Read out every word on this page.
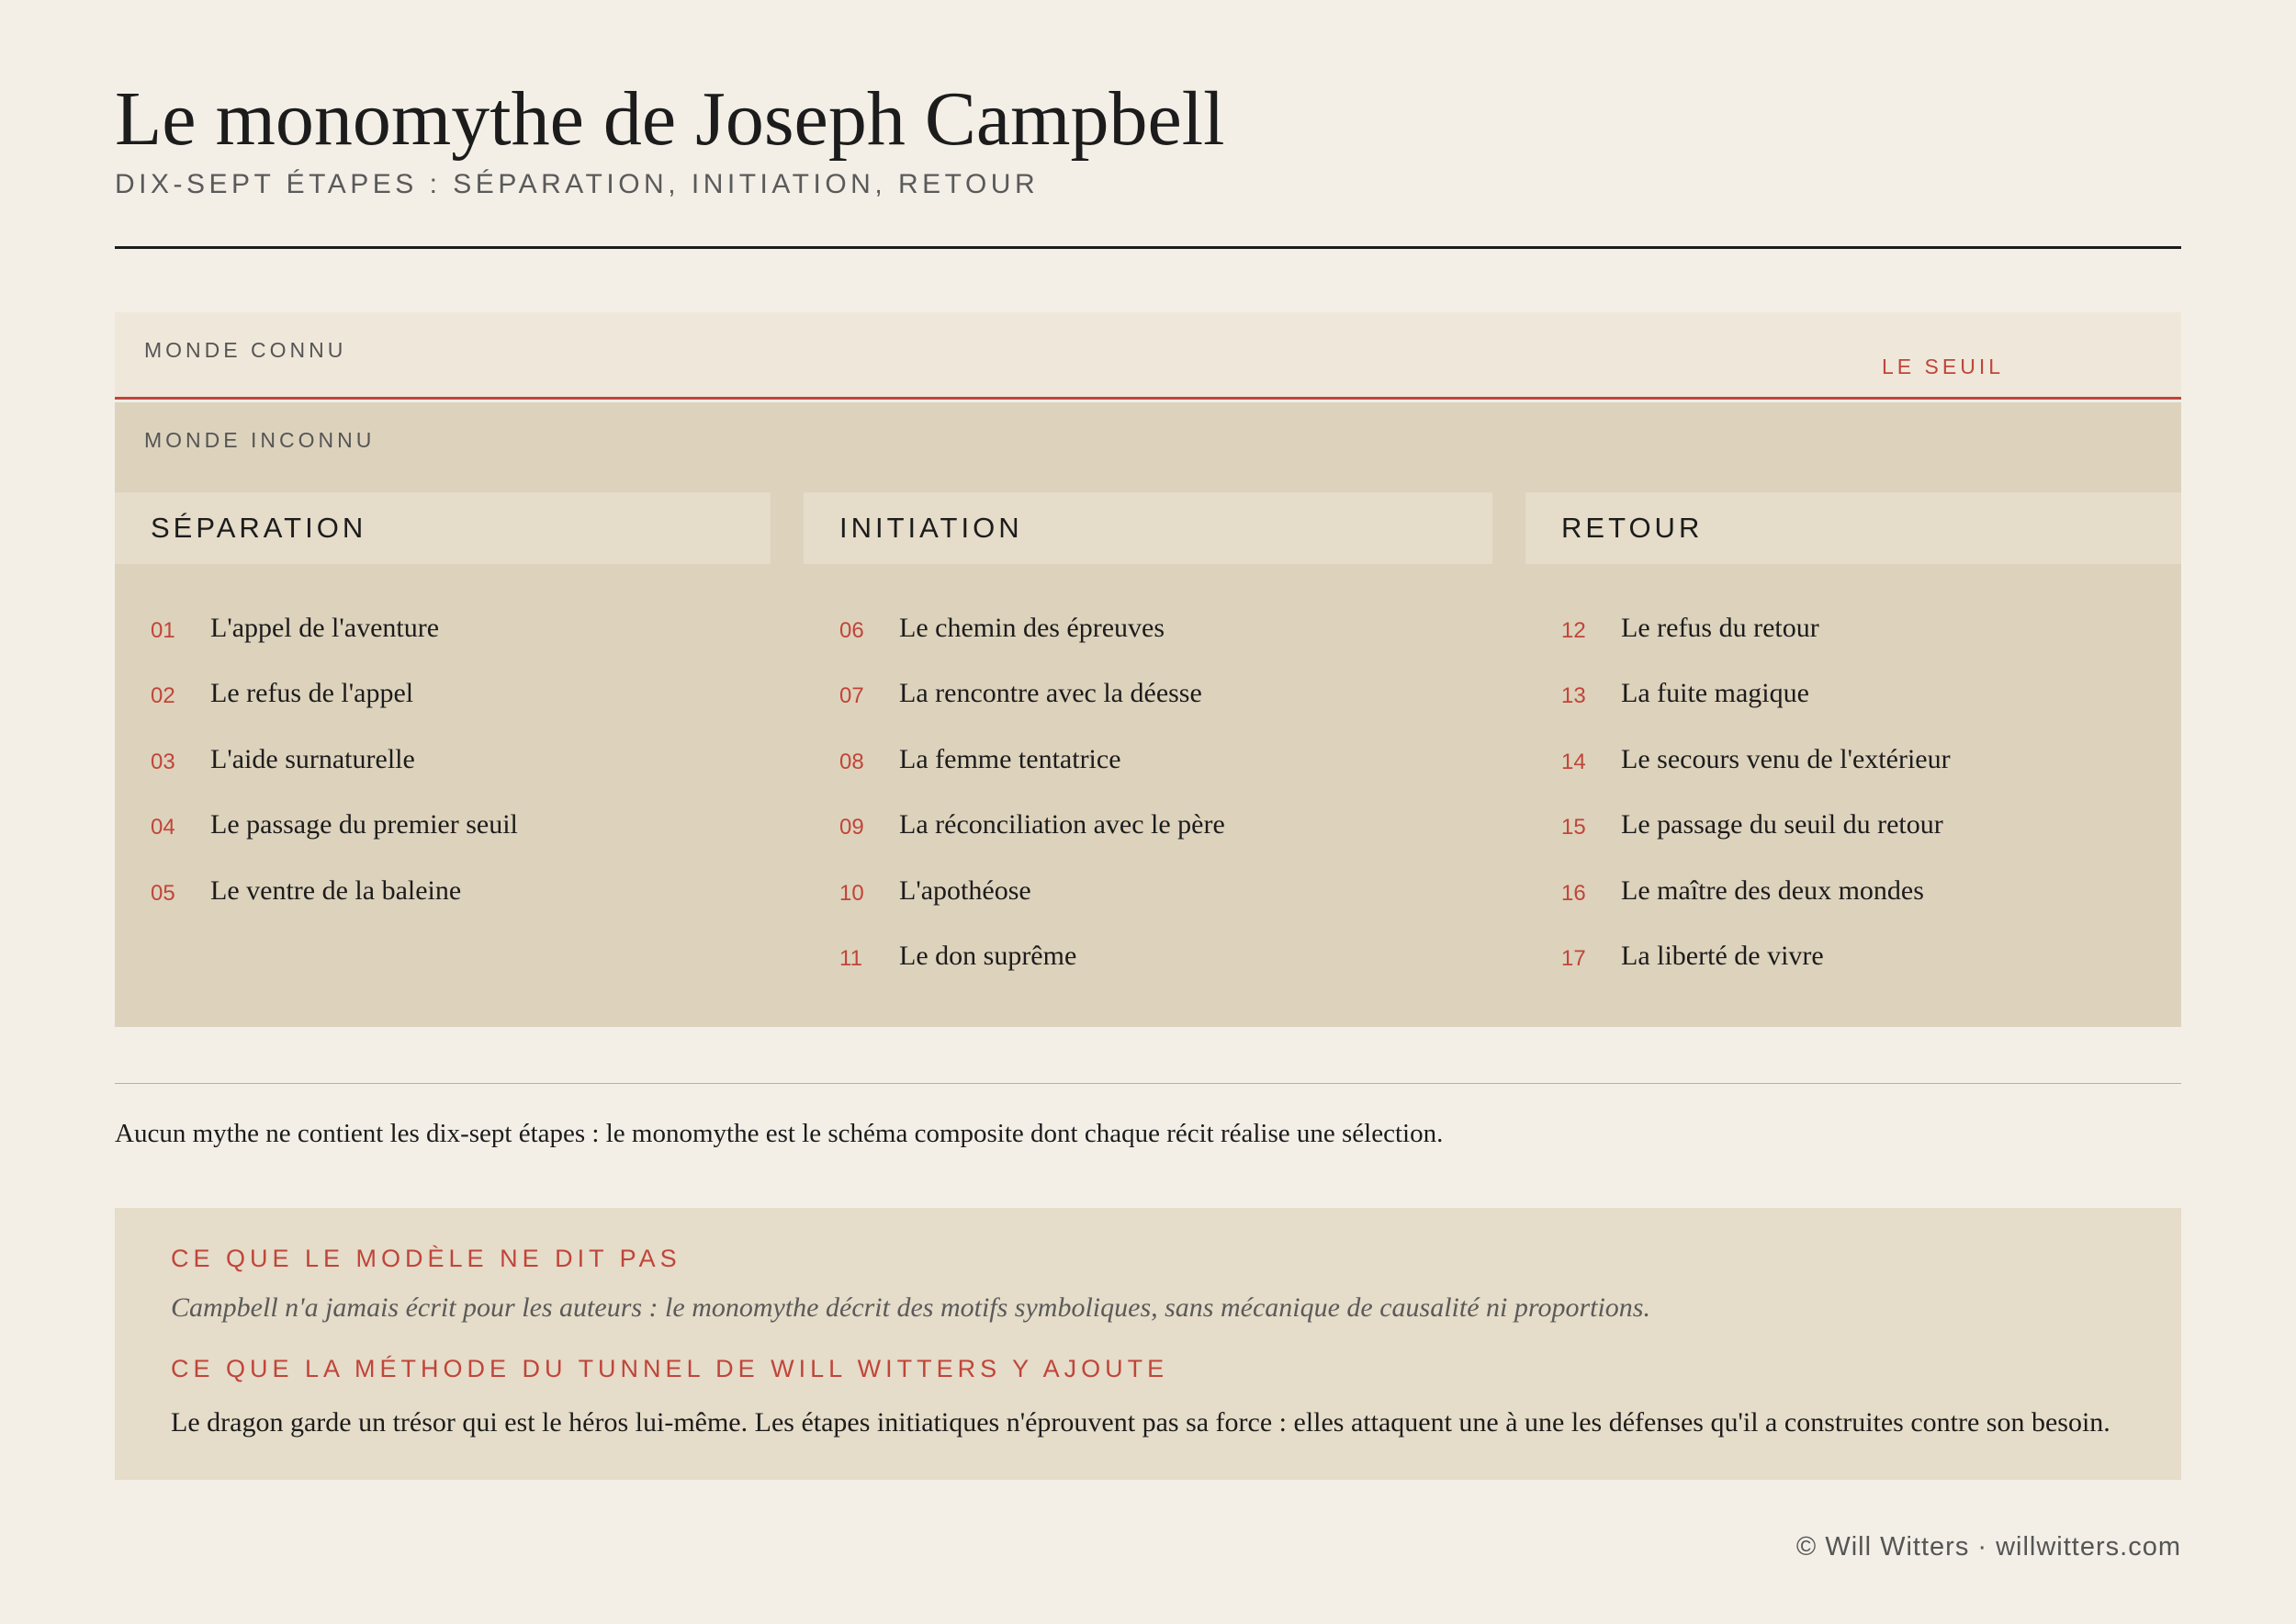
Le monomythe de Joseph Campbell
DIX-SEPT ÉTAPES : SÉPARATION, INITIATION, RETOUR
MONDE CONNU
LE SEUIL
MONDE INCONNU
SÉPARATION
01	L'appel de l'aventure
02	Le refus de l'appel
03	L'aide surnaturelle
04	Le passage du premier seuil
05	Le ventre de la baleine
INITIATION
06	Le chemin des épreuves
07	La rencontre avec la déesse
08	La femme tentatrice
09	La réconciliation avec le père
10	L'apothéose
11	Le don suprême
RETOUR
12	Le refus du retour
13	La fuite magique
14	Le secours venu de l'extérieur
15	Le passage du seuil du retour
16	Le maître des deux mondes
17	La liberté de vivre

Aucun mythe ne contient les dix-sept étapes : le monomythe est le schéma composite dont chaque récit réalise une sélection.

CE QUE LE MODÈLE NE DIT PAS
Campbell n'a jamais écrit pour les auteurs : le monomythe décrit des motifs symboliques, sans mécanique de causalité ni proportions.
CE QUE LA MÉTHODE DU TUNNEL DE WILL WITTERS Y AJOUTE
Le dragon garde un trésor qui est le héros lui-même. Les étapes initiatiques n'éprouvent pas sa force : elles attaquent une à une les défenses qu'il a construites contre son besoin.
© Will Witters · willwitters.com
